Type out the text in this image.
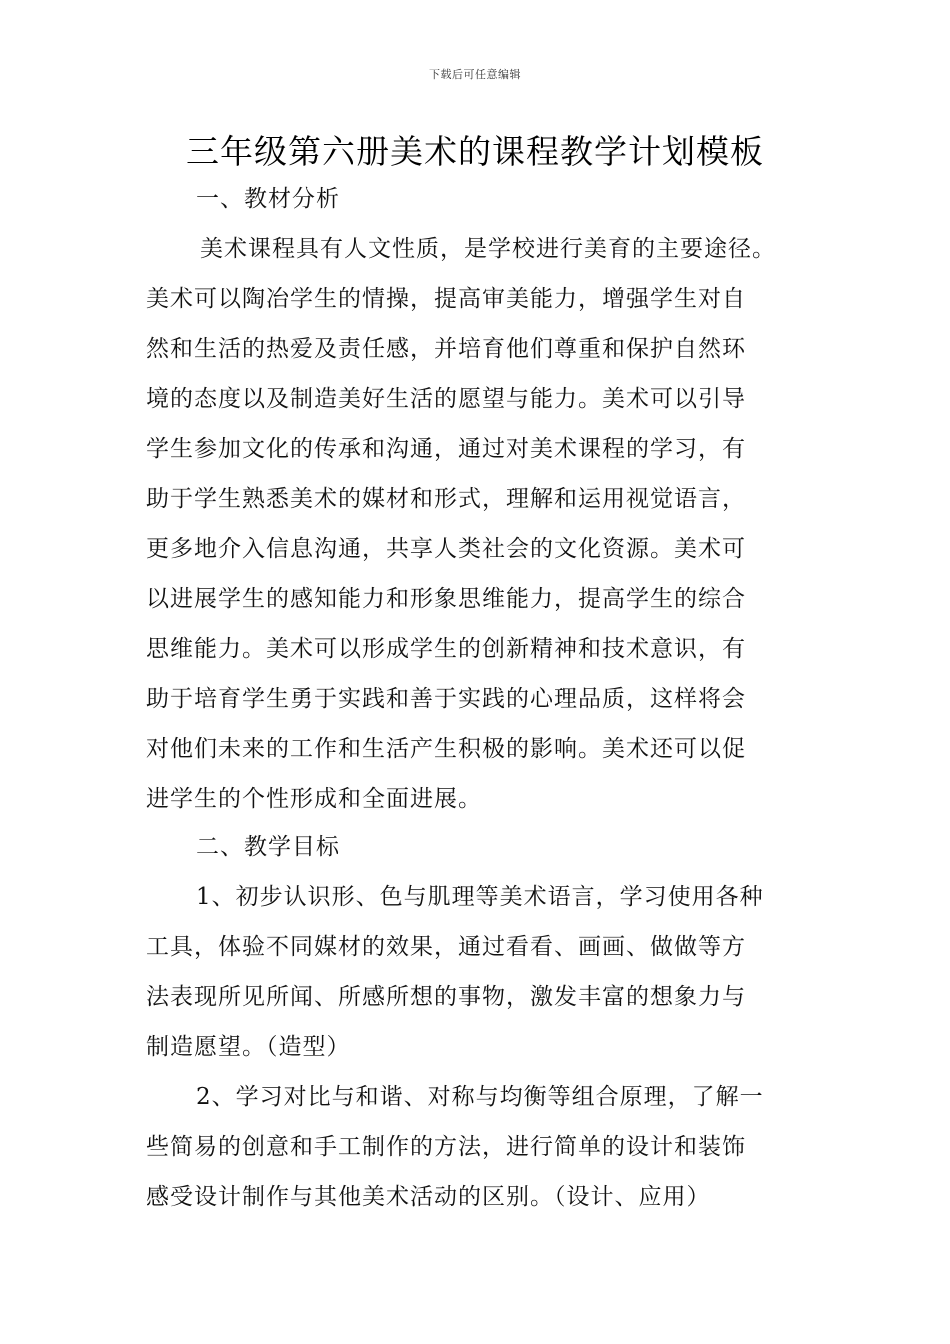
下载后可任意编辑
三年级第六册美术的课程教学计划模板
一、教材分析
美术课程具有人文性质，是学校进行美育的主要途径。
美术可以陶冶学生的情操，提高审美能力，增强学生对自
然和生活的热爱及责任感，并培育他们尊重和保护自然环
境的态度以及制造美好生活的愿望与能力。美术可以引导
学生参加文化的传承和沟通，通过对美术课程的学习，有
助于学生熟悉美术的媒材和形式，理解和运用视觉语言，
更多地介入信息沟通，共享人类社会的文化资源。美术可
以进展学生的感知能力和形象思维能力，提高学生的综合
思维能力。美术可以形成学生的创新精神和技术意识，有
助于培育学生勇于实践和善于实践的心理品质，这样将会
对他们未来的工作和生活产生积极的影响。美术还可以促
进学生的个性形成和全面进展。
二、教学目标
1、初步认识形、色与肌理等美术语言，学习使用各种
工具，体验不同媒材的效果，通过看看、画画、做做等方
法表现所见所闻、所感所想的事物，激发丰富的想象力与
制造愿望。（造型）
2、学习对比与和谐、对称与均衡等组合原理，了解一
些简易的创意和手工制作的方法，进行简单的设计和装饰
感受设计制作与其他美术活动的区别。（设计、应用）
